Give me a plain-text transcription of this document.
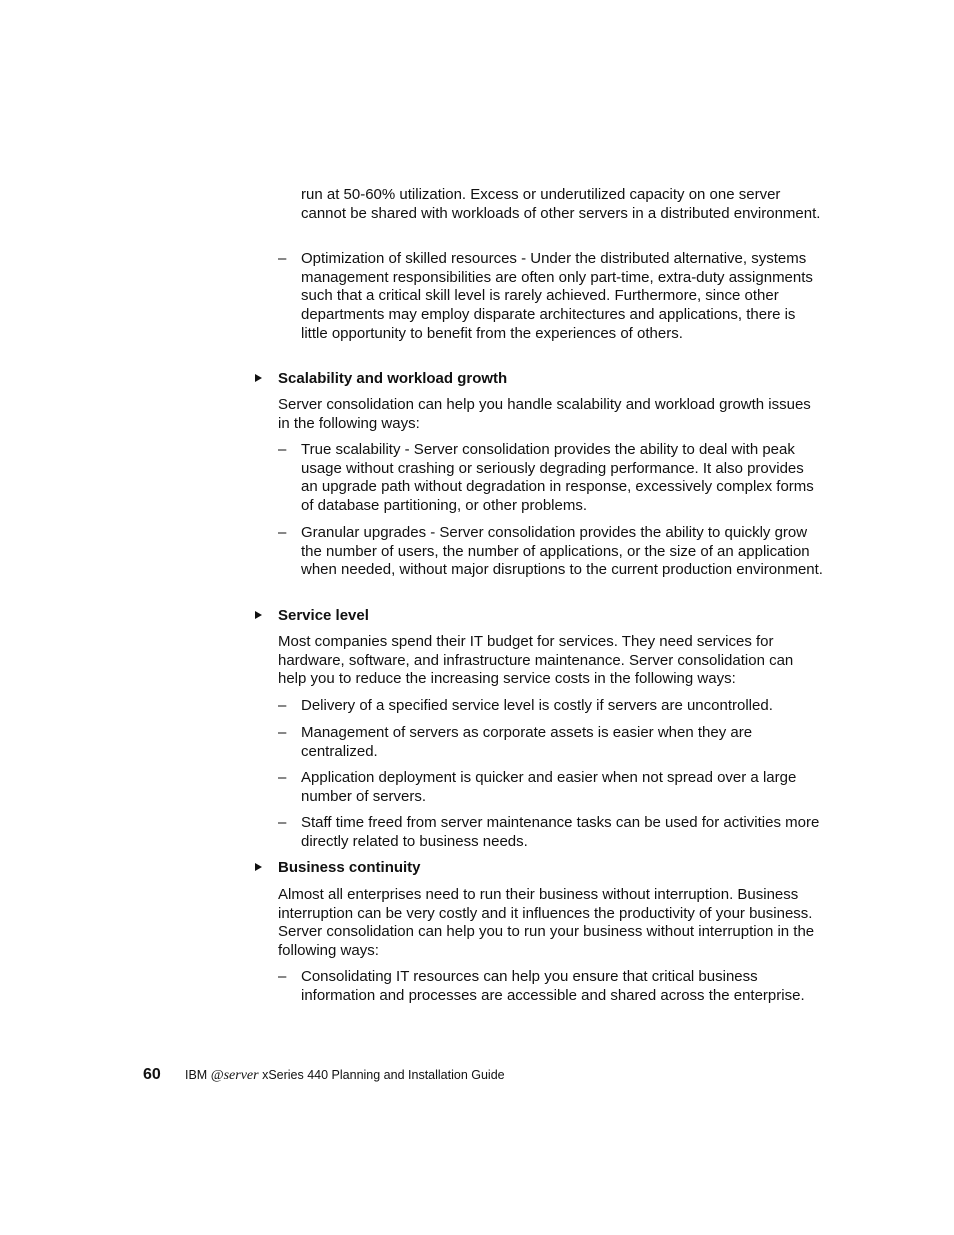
run at 50-60% utilization. Excess or underutilized capacity on one server cannot be shared with workloads of other servers in a distributed environment.
– Optimization of skilled resources - Under the distributed alternative, systems management responsibilities are often only part-time, extra-duty assignments such that a critical skill level is rarely achieved. Furthermore, since other departments may employ disparate architectures and applications, there is little opportunity to benefit from the experiences of others.
Scalability and workload growth
Server consolidation can help you handle scalability and workload growth issues in the following ways:
– True scalability - Server consolidation provides the ability to deal with peak usage without crashing or seriously degrading performance. It also provides an upgrade path without degradation in response, excessively complex forms of database partitioning, or other problems.
– Granular upgrades - Server consolidation provides the ability to quickly grow the number of users, the number of applications, or the size of an application when needed, without major disruptions to the current production environment.
Service level
Most companies spend their IT budget for services. They need services for hardware, software, and infrastructure maintenance. Server consolidation can help you to reduce the increasing service costs in the following ways:
– Delivery of a specified service level is costly if servers are uncontrolled.
– Management of servers as corporate assets is easier when they are centralized.
– Application deployment is quicker and easier when not spread over a large number of servers.
– Staff time freed from server maintenance tasks can be used for activities more directly related to business needs.
Business continuity
Almost all enterprises need to run their business without interruption. Business interruption can be very costly and it influences the productivity of your business. Server consolidation can help you to run your business without interruption in the following ways:
– Consolidating IT resources can help you ensure that critical business information and processes are accessible and shared across the enterprise.
60 IBM @server xSeries 440 Planning and Installation Guide
